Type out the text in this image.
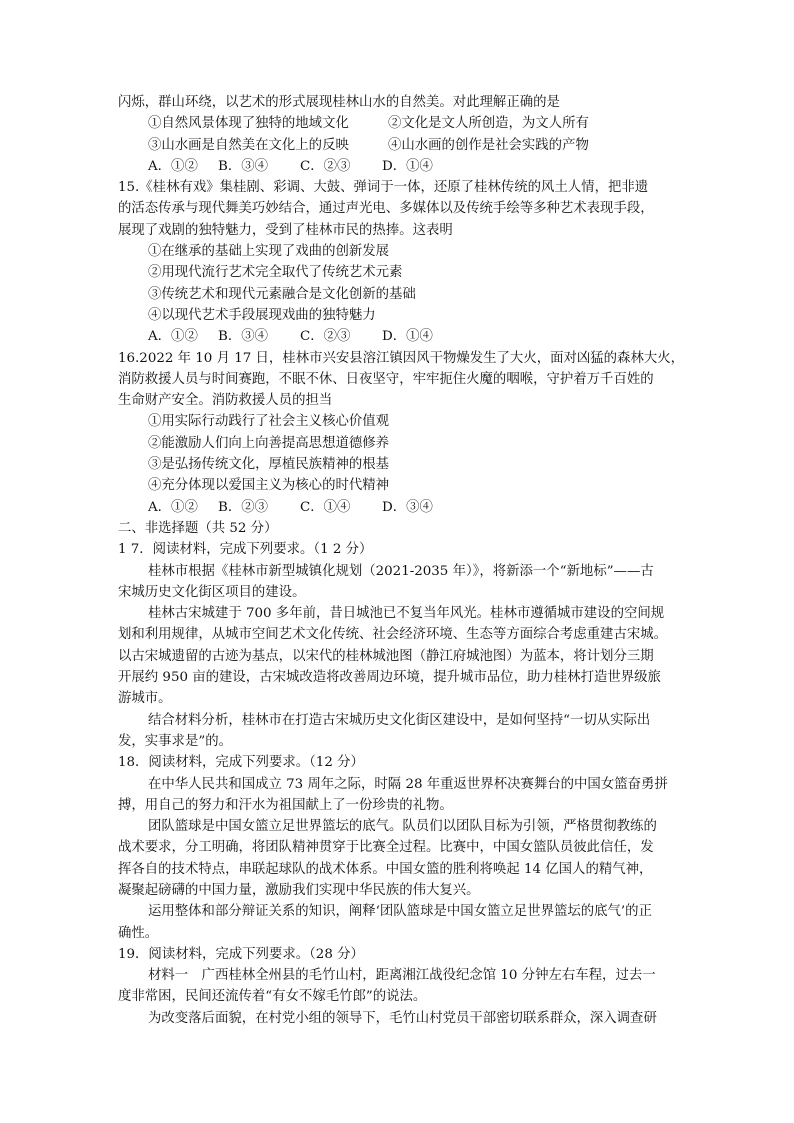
闪烁，群山环绕，以艺术的形式展现桂林山水的自然美。对此理解正确的是
①自然风景体现了独特的地域文化	②文化是文人所创造，为文人所有
③山水画是自然美在文化上的反映	④山水画的创作是社会实践的产物
A．①② B．③④ C．②③ D．①④
15.《桂林有戏》集桂剧、彩调、大鼓、弹词于一体，还原了桂林传统的风土人情，把非遗
的活态传承与现代舞美巧妙结合，通过声光电、多媒体以及传统手绘等多种艺术表现手段，
展现了戏剧的独特魅力，受到了桂林市民的热捧。这表明
①在继承的基础上实现了戏曲的创新发展
②用现代流行艺术完全取代了传统艺术元素
③传统艺术和现代元素融合是文化创新的基础
④以现代艺术手段展现戏曲的独特魅力
A．①② B．③④ C．②③ D．①④
16.2022 年 10 月 17 日，桂林市兴安县溶江镇因风干物燥发生了大火，面对凶猛的森林大火，
消防救援人员与时间赛跑，不眠不休、日夜坚守，牢牢扼住火魔的咽喉，守护着万千百姓的
生命财产安全。消防救援人员的担当
①用实际行动践行了社会主义核心价值观
②能激励人们向上向善提高思想道德修养
③是弘扬传统文化，厚植民族精神的根基
④充分体现以爱国主义为核心的时代精神
A．①② B．②③ C．①④ D．③④
二、非选择题（共 52 分）
1 7．阅读材料，完成下列要求。（1 2 分）
桂林市根据《桂林市新型城镇化规划（2021-2035 年）》，将新添一个“新地标”——古
宋城历史文化街区项目的建设。
桂林古宋城建于 700 多年前，昔日城池已不复当年风光。桂林市遵循城市建设的空间规
划和利用规律，从城市空间艺术文化传统、社会经济环境、生态等方面综合考虑重建古宋城。
以古宋城遗留的古迹为基点，以宋代的桂林城池图（静江府城池图）为蓝本，将计划分三期
开展约 950 亩的建设，古宋城改造将改善周边环境，提升城市品位，助力桂林打造世界级旅
游城市。
结合材料分析，桂林市在打造古宋城历史文化街区建设中，是如何坚持“一切从实际出
发，实事求是”的。
18．阅读材料，完成下列要求。（12 分）
在中华人民共和国成立 73 周年之际，时隔 28 年重返世界杯决赛舞台的中国女篮奋勇拼
搏，用自己的努力和汗水为祖国献上了一份珍贵的礼物。
团队篮球是中国女篮立足世界篮坛的底气。队员们以团队目标为引领，严格贯彻教练的
战术要求，分工明确，将团队精神贯穿于比赛全过程。比赛中，中国女篮队员彼此信任，发
挥各自的技术特点，串联起球队的战术体系。中国女篮的胜利将唤起 14 亿国人的精气神，
凝聚起磅礴的中国力量，激励我们实现中华民族的伟大复兴。
运用整体和部分辩证关系的知识，阐释‘团队篮球是中国女篮立足世界篮坛的底气’的正
确性。
19．阅读材料，完成下列要求。（28 分）
材料一　广西桂林全州县的毛竹山村，距离湘江战役纪念馆 10 分钟左右车程，过去一
度非常困，民间还流传着“有女不嫁毛竹郎”的说法。
为改变落后面貌，在村党小组的领导下，毛竹山村党员干部密切联系群众，深入调查研
